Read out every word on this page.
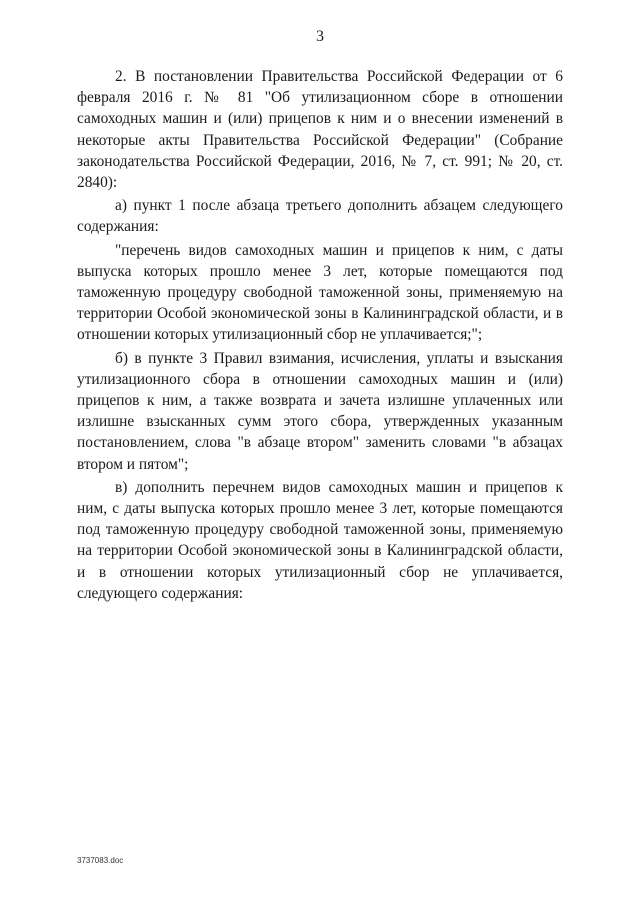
3

2. В постановлении Правительства Российской Федерации от 6 февраля 2016 г. № 81 "Об утилизационном сборе в отношении самоходных машин и (или) прицепов к ним и о внесении изменений в некоторые акты Правительства Российской Федерации" (Собрание законодательства Российской Федерации, 2016, № 7, ст. 991; № 20, ст. 2840):

а) пункт 1 после абзаца третьего дополнить абзацем следующего содержания:

"перечень видов самоходных машин и прицепов к ним, с даты выпуска которых прошло менее 3 лет, которые помещаются под таможенную процедуру свободной таможенной зоны, применяемую на территории Особой экономической зоны в Калининградской области, и в отношении которых утилизационный сбор не уплачивается;";

б) в пункте 3 Правил взимания, исчисления, уплаты и взыскания утилизационного сбора в отношении самоходных машин и (или) прицепов к ним, а также возврата и зачета излишне уплаченных или излишне взысканных сумм этого сбора, утвержденных указанным постановлением, слова "в абзаце втором" заменить словами "в абзацах втором и пятом";

в) дополнить перечнем видов самоходных машин и прицепов к ним, с даты выпуска которых прошло менее 3 лет, которые помещаются под таможенную процедуру свободной таможенной зоны, применяемую на территории Особой экономической зоны в Калининградской области, и в отношении которых утилизационный сбор не уплачивается, следующего содержания:

3737083.doc
